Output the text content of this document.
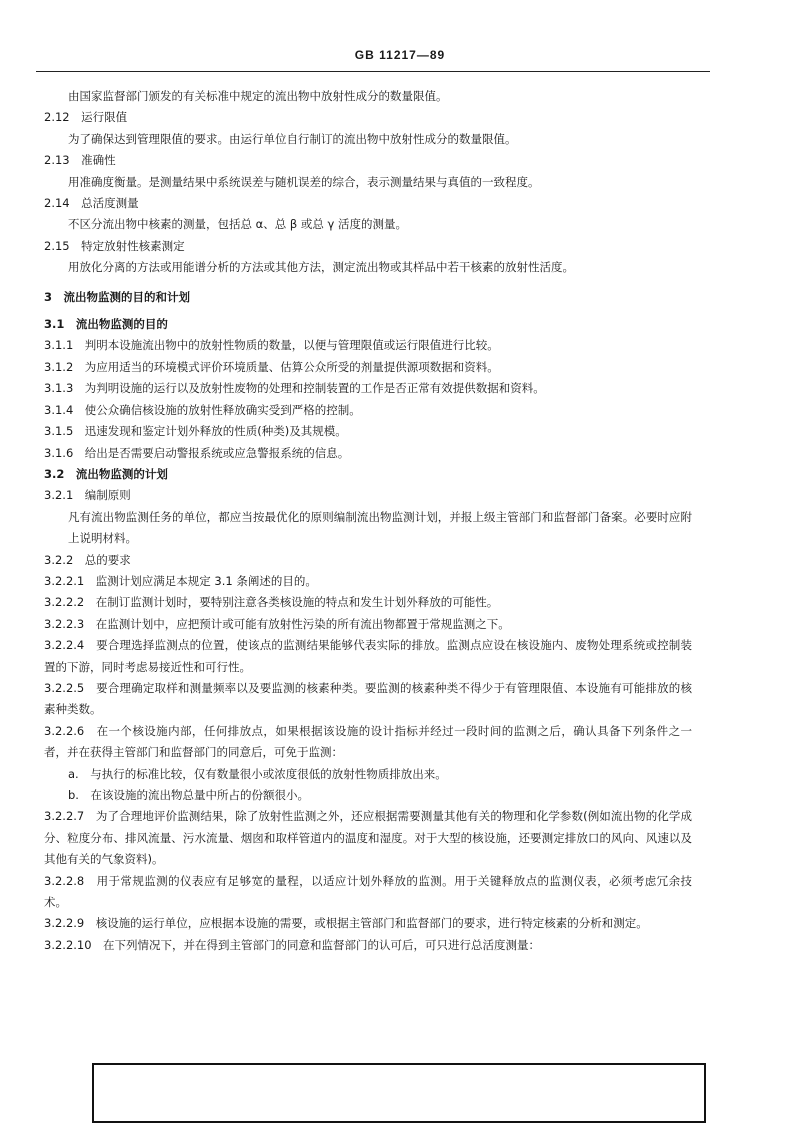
GB 11217—89

由国家监督部门颁发的有关标准中规定的流出物中放射性成分的数量限值。

2.12　运行限值

为了确保达到管理限值的要求。由运行单位自行制订的流出物中放射性成分的数量限值。

2.13　准确性

用准确度衡量。是测量结果中系统误差与随机误差的综合，表示测量结果与真值的一致程度。

2.14　总活度测量

不区分流出物中核素的测量，包括总 α、总 β 或总 γ 活度的测量。

2.15　特定放射性核素测定

用放化分离的方法或用能谱分析的方法或其他方法，测定流出物或其样品中若干核素的放射性活度。

3　流出物监测的目的和计划

3.1　流出物监测的目的

3.1.1　判明本设施流出物中的放射性物质的数量，以便与管理限值或运行限值进行比较。

3.1.2　为应用适当的环境模式评价环境质量、估算公众所受的剂量提供源项数据和资料。

3.1.3　为判明设施的运行以及放射性废物的处理和控制装置的工作是否正常有效提供数据和资料。

3.1.4　使公众确信核设施的放射性释放确实受到严格的控制。

3.1.5　迅速发现和鉴定计划外释放的性质(种类)及其规模。

3.1.6　给出是否需要启动警报系统或应急警报系统的信息。

3.2　流出物监测的计划

3.2.1　编制原则

凡有流出物监测任务的单位，都应当按最优化的原则编制流出物监测计划，并报上级主管部门和监督部门备案。必要时应附上说明材料。

3.2.2　总的要求

3.2.2.1　监测计划应满足本规定 3.1 条阐述的目的。

3.2.2.2　在制订监测计划时，要特别注意各类核设施的特点和发生计划外释放的可能性。

3.2.2.3　在监测计划中，应把预计或可能有放射性污染的所有流出物都置于常规监测之下。

3.2.2.4　要合理选择监测点的位置，使该点的监测结果能够代表实际的排放。监测点应设在核设施内、废物处理系统或控制装置的下游，同时考虑易接近性和可行性。

3.2.2.5　要合理确定取样和测量频率以及要监测的核素种类。要监测的核素种类不得少于有管理限值、本设施有可能排放的核素种类数。

3.2.2.6　在一个核设施内部，任何排放点，如果根据该设施的设计指标并经过一段时间的监测之后，确认具备下列条件之一者，并在获得主管部门和监督部门的同意后，可免于监测：

a.　与执行的标准比较，仅有数量很小或浓度很低的放射性物质排放出来。

b.　在该设施的流出物总量中所占的份额很小。

3.2.2.7　为了合理地评价监测结果，除了放射性监测之外，还应根据需要测量其他有关的物理和化学参数(例如流出物的化学成分、粒度分布、排风流量、污水流量、烟囱和取样管道内的温度和湿度。对于大型的核设施，还要测定排放口的风向、风速以及其他有关的气象资料)。

3.2.2.8　用于常规监测的仪表应有足够宽的量程，以适应计划外释放的监测。用于关键释放点的监测仪表，必须考虑冗余技术。

3.2.2.9　核设施的运行单位，应根据本设施的需要，或根据主管部门和监督部门的要求，进行特定核素的分析和测定。

3.2.2.10　在下列情况下，并在得到主管部门的同意和监督部门的认可后，可只进行总活度测量：
